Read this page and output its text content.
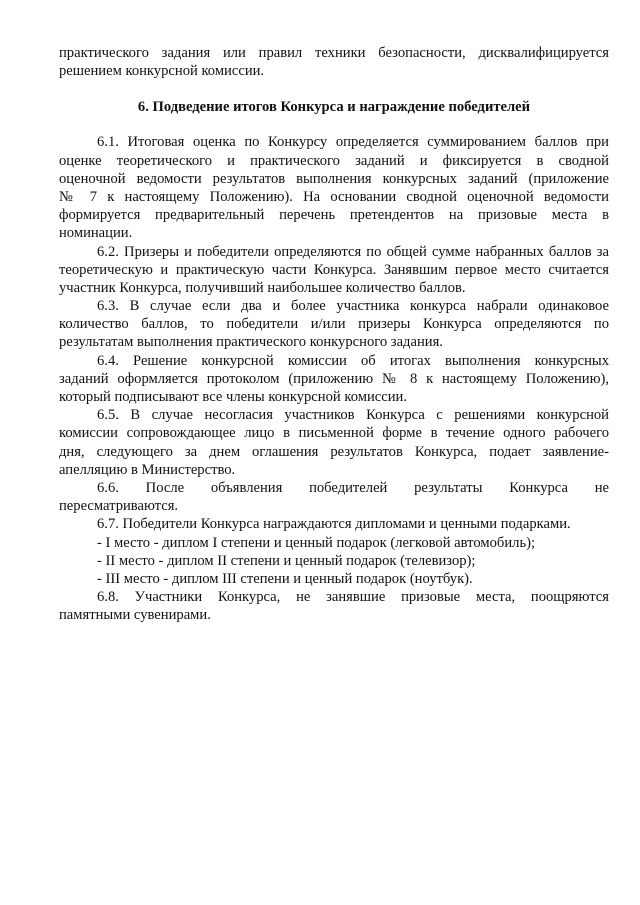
практического задания или правил техники безопасности, дисквалифицируется
решением конкурсной комиссии.
6. Подведение итогов Конкурса и награждение победителей
6.1. Итоговая оценка по Конкурсу определяется суммированием баллов при
оценке теоретического и практического заданий и фиксируется в сводной
оценочной ведомости результатов выполнения конкурсных заданий (приложение
№ 7 к настоящему Положению). На основании сводной оценочной ведомости
формируется предварительный перечень претендентов на призовые места в
номинации.
6.2. Призеры и победители определяются по общей сумме набранных баллов за
теоретическую и практическую части Конкурса. Занявшим первое место считается
участник Конкурса, получивший наибольшее количество баллов.
6.3. В случае если два и более участника конкурса набрали одинаковое
количество баллов, то победители и/или призеры Конкурса определяются по
результатам выполнения практического конкурсного задания.
6.4. Решение конкурсной комиссии об итогах выполнения конкурсных
заданий оформляется протоколом (приложению № 8 к настоящему Положению),
который подписывают все члены конкурсной комиссии.
6.5. В случае несогласия участников Конкурса с решениями конкурсной
комиссии сопровождающее лицо в письменной форме в течение одного рабочего
дня, следующего за днем оглашения результатов Конкурса, подает заявление-
апелляцию в Министерство.
6.6. После объявления победителей результаты Конкурса не
пересматриваются.
6.7. Победители Конкурса награждаются дипломами и ценными подарками.
- I место - диплом I степени и ценный подарок (легковой автомобиль);
- II место - диплом II степени и ценный подарок (телевизор);
- III место - диплом III степени и ценный подарок (ноутбук).
6.8. Участники Конкурса, не занявшие призовые места, поощряются
памятными сувенирами.
